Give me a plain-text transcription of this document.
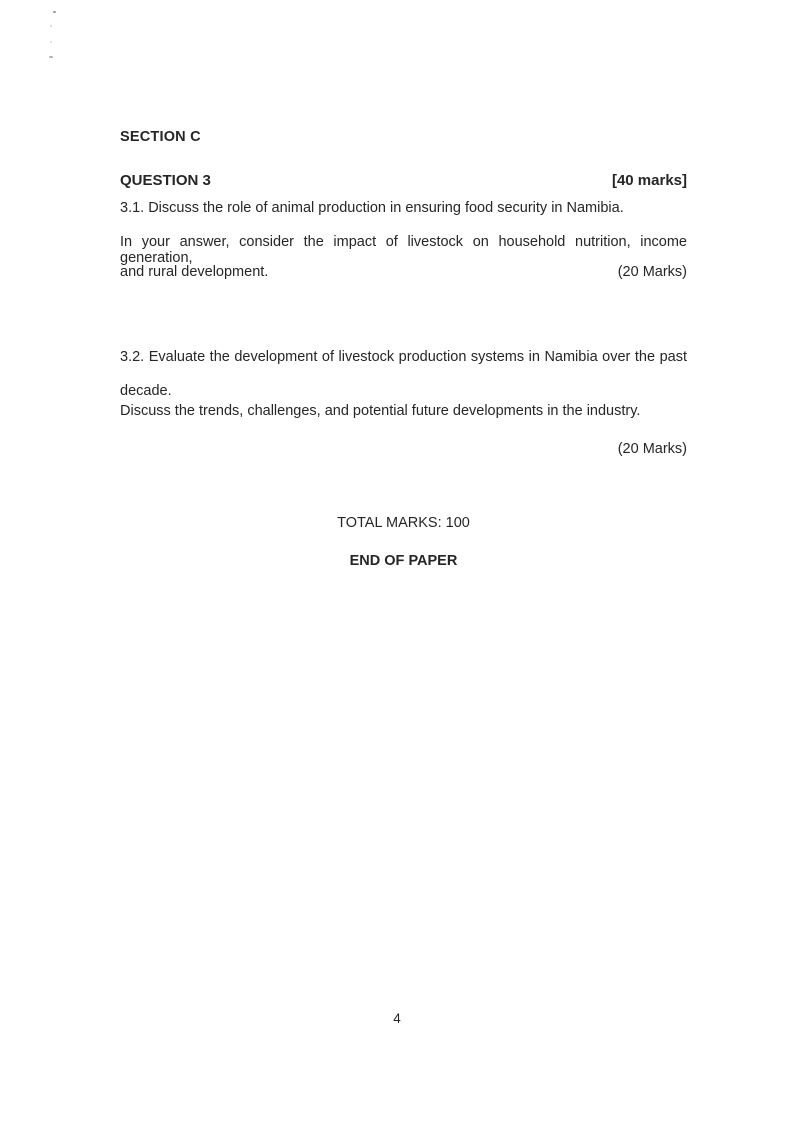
SECTION C
QUESTION 3	[40 marks]
3.1. Discuss the role of animal production in ensuring food security in Namibia.
In your answer, consider the impact of livestock on household nutrition, income generation,
and rural development.	(20 Marks)
3.2. Evaluate the development of livestock production systems in Namibia over the past decade.
Discuss the trends, challenges, and potential future developments in the industry.
(20 Marks)
TOTAL MARKS: 100
END OF PAPER
4
